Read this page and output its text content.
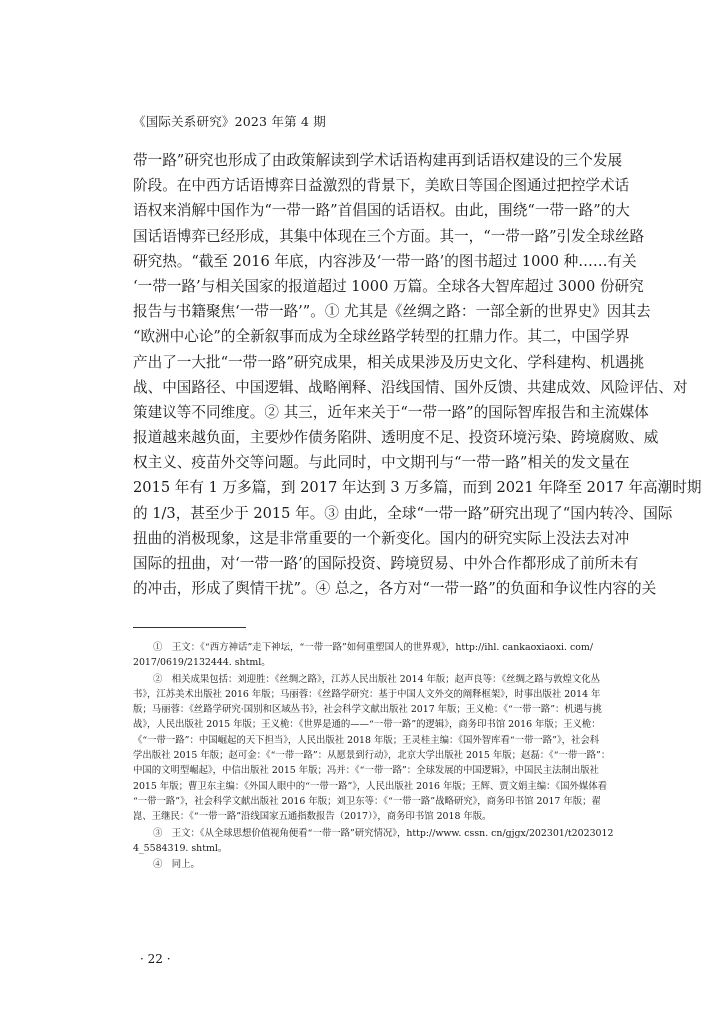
《国际关系研究》2023 年第 4 期
带一路”研究也形成了由政策解读到学术话语构建再到话语权建设的三个发展
阶段。在中西方话语博弈日益激烈的背景下，美欧日等国企图通过把控学术话
语权来消解中国作为“一带一路”首倡国的话语权。由此，围绕“一带一路”的大
国话语博弈已经形成，其集中体现在三个方面。其一，“一带一路”引发全球丝路
研究热。“截至 2016 年底，内容涉及‘一带一路’的图书超过 1000 种……有关
‘一带一路’与相关国家的报道超过 1000 万篇。全球各大智库超过 3000 份研究
报告与书籍聚焦‘一带一路’”。① 尤其是《丝绸之路：一部全新的世界史》因其去
“欧洲中心论”的全新叙事而成为全球丝路学转型的扛鼎力作。其二，中国学界
产出了一大批“一带一路”研究成果，相关成果涉及历史文化、学科建构、机遇挑
战、中国路径、中国逻辑、战略阐释、沿线国情、国外反馈、共建成效、风险评估、对
策建议等不同维度。② 其三，近年来关于“一带一路”的国际智库报告和主流媒体
报道越来越负面，主要炒作债务陷阱、透明度不足、投资环境污染、跨境腐败、威
权主义、疫苗外交等问题。与此同时，中文期刊与“一带一路”相关的发文量在
2015 年有 1 万多篇，到 2017 年达到 3 万多篇，而到 2021 年降至 2017 年高潮时期
的 1/3，甚至少于 2015 年。③ 由此，全球“一带一路”研究出现了“国内转冷、国际
扭曲的消极现象，这是非常重要的一个新变化。国内的研究实际上没法去对冲
国际的扭曲，对‘一带一路’的国际投资、跨境贸易、中外合作都形成了前所未有
的冲击，形成了舆情干扰”。④ 总之，各方对“一带一路”的负面和争议性内容的关
①　王文：《“西方神话”走下神坛，“一带一路”如何重塑国人的世界观》，http://ihl. cankaoxiaoxi. com/
2017/0619/2132444. shtml。
②　相关成果包括：刘迎胜：《丝绸之路》，江苏人民出版社 2014 年版；赵声良等：《丝绸之路与敦煌文化丛
书》，江苏美术出版社 2016 年版；马丽蓉：《丝路学研究：基于中国人文外交的阐释框架》，时事出版社 2014 年
版；马丽蓉：《丝路学研究·国别和区域丛书》，社会科学文献出版社 2017 年版；王义桅：《“一带一路”：机遇与挑
战》，人民出版社 2015 年版；王义桅：《世界是通的——“一带一路”的逻辑》，商务印书馆 2016 年版；王义桅：
《“一带一路”：中国崛起的天下担当》，人民出版社 2018 年版；王灵桂主编：《国外智库看“一带一路”》，社会科
学出版社 2015 年版；赵可金：《“一带一路”：从愿景到行动》，北京大学出版社 2015 年版；赵磊：《“一带一路”：
中国的文明型崛起》，中信出版社 2015 年版；冯并：《“一带一路”：全球发展的中国逻辑》，中国民主法制出版社
2015 年版；曹卫东主编：《外国人眼中的“一带一路”》，人民出版社 2016 年版；王辉、贾文娟主编：《国外媒体看
“一带一路”》，社会科学文献出版社 2016 年版；刘卫东等：《“一带一路”战略研究》，商务印书馆 2017 年版；翟
崑、王继民：《“一带一路”沿线国家五通指数报告（2017）》，商务印书馆 2018 年版。
③　王文：《从全球思想价值视角便看“一带一路”研究情况》，http://www. cssn. cn/gjgx/202301/t2023012
4_5584319. shtml。
④　同上。
· 22 ·
